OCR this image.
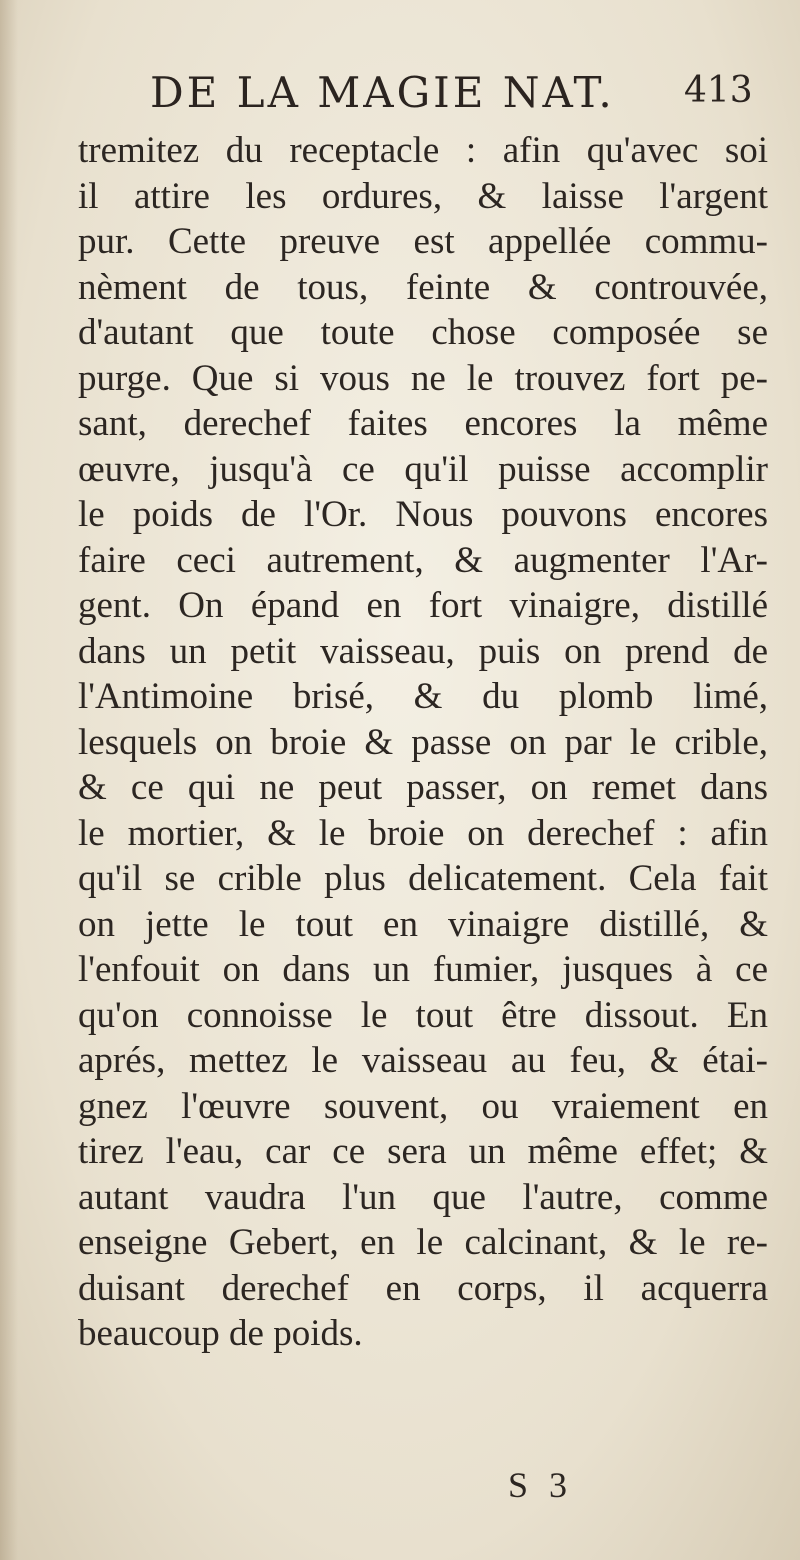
DE LA MAGIE NAT. 413
tremitez du receptacle : afin qu'avec soi
il attire les ordures, & laisse l'argent
pur. Cette preuve est appellée commu-
nèment de tous, feinte & controuvée,
d'autant que toute chose composée se
purge. Que si vous ne le trouvez fort pe-
sant, derechef faites encores la même
œuvre, jusqu'à ce qu'il puisse accomplir
le poids de l'Or. Nous pouvons encores
faire ceci autrement, & augmenter l'Ar-
gent. On épand en fort vinaigre, distillé
dans un petit vaisseau, puis on prend de
l'Antimoine brisé, & du plomb limé,
lesquels on broie & passe on par le crible,
& ce qui ne peut passer, on remet dans
le mortier, & le broie on derechef : afin
qu'il se crible plus delicatement. Cela fait
on jette le tout en vinaigre distillé, &
l'enfouit on dans un fumier, jusques à ce
qu'on connoisse le tout être dissout. En
aprés, mettez le vaisseau au feu, & étai-
gnez l'œuvre souvent, ou vraiement en
tirez l'eau, car ce sera un même effet; &
autant vaudra l'un que l'autre, comme
enseigne Gebert, en le calcinant, & le re-
duisant derechef en corps, il acquerra
beaucoup de poids.
S 3
